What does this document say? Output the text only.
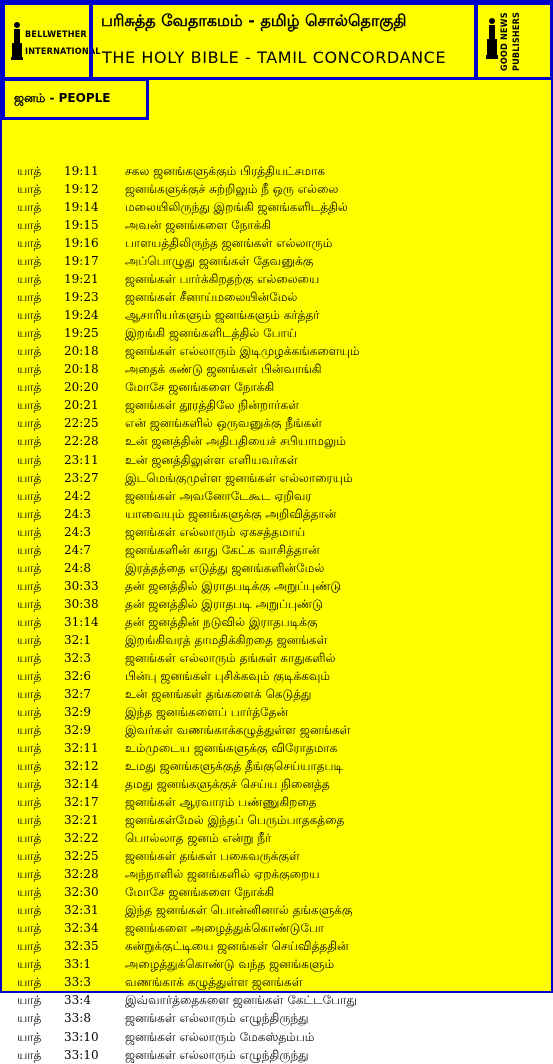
BELLWETHER
INTERNATIONAL
பரிசுத்த வேதாகமம் - தமிழ் சொல்தொகுதி
THE HOLY BIBLE - TAMIL CONCORDANCE	GOOD NEWS PUBLISHERS
ஜனம் - PEOPLE
யாத் 19:11 சகல ஜனங்களுக்கும் பிரத்தியட்சமாக
யாத் 19:12 ஜனங்களுக்குச் சுற்றிலும் நீ ஒரு எல்லை
யாத் 19:14 மலையிலிருந்து இறங்கி ஜனங்களிடத்தில்
யாத் 19:15 அவன் ஜனங்களை நோக்கி
யாத் 19:16 பாளயத்திலிருந்த ஜனங்கள் எல்லாரும்
யாத் 19:17 அப்பொழுது ஜனங்கள் தேவனுக்கு
யாத் 19:21 ஜனங்கள் பார்க்கிறதற்கு எல்லையை
யாத் 19:23 ஜனங்கள் சீனாய்மலையின்மேல்
யாத் 19:24 ஆசாரியர்களும் ஜனங்களும் கர்த்தர்
யாத் 19:25 இறங்கி ஜனங்களிடத்தில் போய்
யாத் 20:18 ஜனங்கள் எல்லாரும் இடிமுழக்கங்களையும்
யாத் 20:18 அதைக் கண்டு ஜனங்கள் பின்வாங்கி
யாத் 20:20 மோசே ஜனங்களை நோக்கி
யாத் 20:21 ஜனங்கள் தூரத்திலே நின்றார்கள்
யாத் 22:25 என் ஜனங்களில் ஒருவனுக்கு நீங்கள்
யாத் 22:28 உன் ஜனத்தின் அதிபதியைச் சபியாமலும்
யாத் 23:11 உன் ஜனத்திலுள்ள எளியவர்கள்
யாத் 23:27 இடமெங்குமுள்ள ஜனங்கள் எல்லாரையும்
யாத் 24:2	ஜனங்கள் அவனோடேகூட ஏறிவர
யாத் 24:3	யாவையும் ஜனங்களுக்கு அறிவித்தான்
யாத் 24:3	ஜனங்கள் எல்லாரும் ஏகசத்தமாய்
யாத் 24:7	ஜனங்களின் காது கேட்க வாசித்தான்
யாத் 24:8	இரத்தத்தை எடுத்து ஜனங்களின்மேல்
யாத் 30:33 தன் ஜனத்தில் இராதபடிக்கு அறுப்புண்டு
யாத் 30:38 தன் ஜனத்தில் இராதபடி அறுப்புண்டு
யாத் 31:14 தன் ஜனத்தின் நடுவில் இராதபடிக்கு
யாத் 32:1	இறங்கிவரத் தாமதிக்கிறதை ஜனங்கள்
யாத் 32:3	ஜனங்கள் எல்லாரும் தங்கள் காதுகளில்
யாத் 32:6	பின்பு ஜனங்கள் புசிக்கவும் குடிக்கவும்
யாத் 32:7	உன் ஜனங்கள் தங்களைக் கெடுத்து
யாத் 32:9	இந்த ஜனங்களைப் பார்த்தேன்
யாத் 32:9	இவர்கள் வணங்காக்கழுத்துள்ள ஜனங்கள்
யாத் 32:11 உம்முடைய ஜனங்களுக்கு விரோதமாக
யாத் 32:12 உமது ஜனங்களுக்குத் தீங்குசெய்யாதபடி
யாத் 32:14 தமது ஜனங்களுக்குச் செய்ய நினைத்த
யாத் 32:17 ஜனங்கள் ஆரவாரம் பண்ணுகிறதை
யாத் 32:21 ஜனங்கள்மேல் இந்தப் பெரும்பாதகத்தை
யாத் 32:22 பொல்லாத ஜனம் என்று நீர்
யாத் 32:25 ஜனங்கள் தங்கள் பகைவருக்குள்
யாத் 32:28 அந்நாளில் ஜனங்களில் ஏறக்குறைய
யாத் 32:30 மோசே ஜனங்களை நோக்கி
யாத் 32:31 இந்த ஜனங்கள் பொன்னினால் தங்களுக்கு
யாத் 32:34 ஜனங்களை அழைத்துக்கொண்டுபோ
யாத் 32:35 கன்றுக்குட்டியை ஜனங்கள் செய்வித்ததின்
யாத் 33:1	அழைத்துக்கொண்டு வந்த ஜனங்களும்
யாத் 33:3	வணங்காக் கழுத்துள்ள ஜனங்கள்
யாத் 33:4	இவ்வார்த்தைகளை ஜனங்கள் கேட்டபோது
யாத் 33:8	ஜனங்கள் எல்லாரும் எழுந்திருந்து
யாத் 33:10 ஜனங்கள் எல்லாரும் மேகஸ்தம்பம்
யாத் 33:10 ஜனங்கள் எல்லாரும் எழுந்திருந்து
